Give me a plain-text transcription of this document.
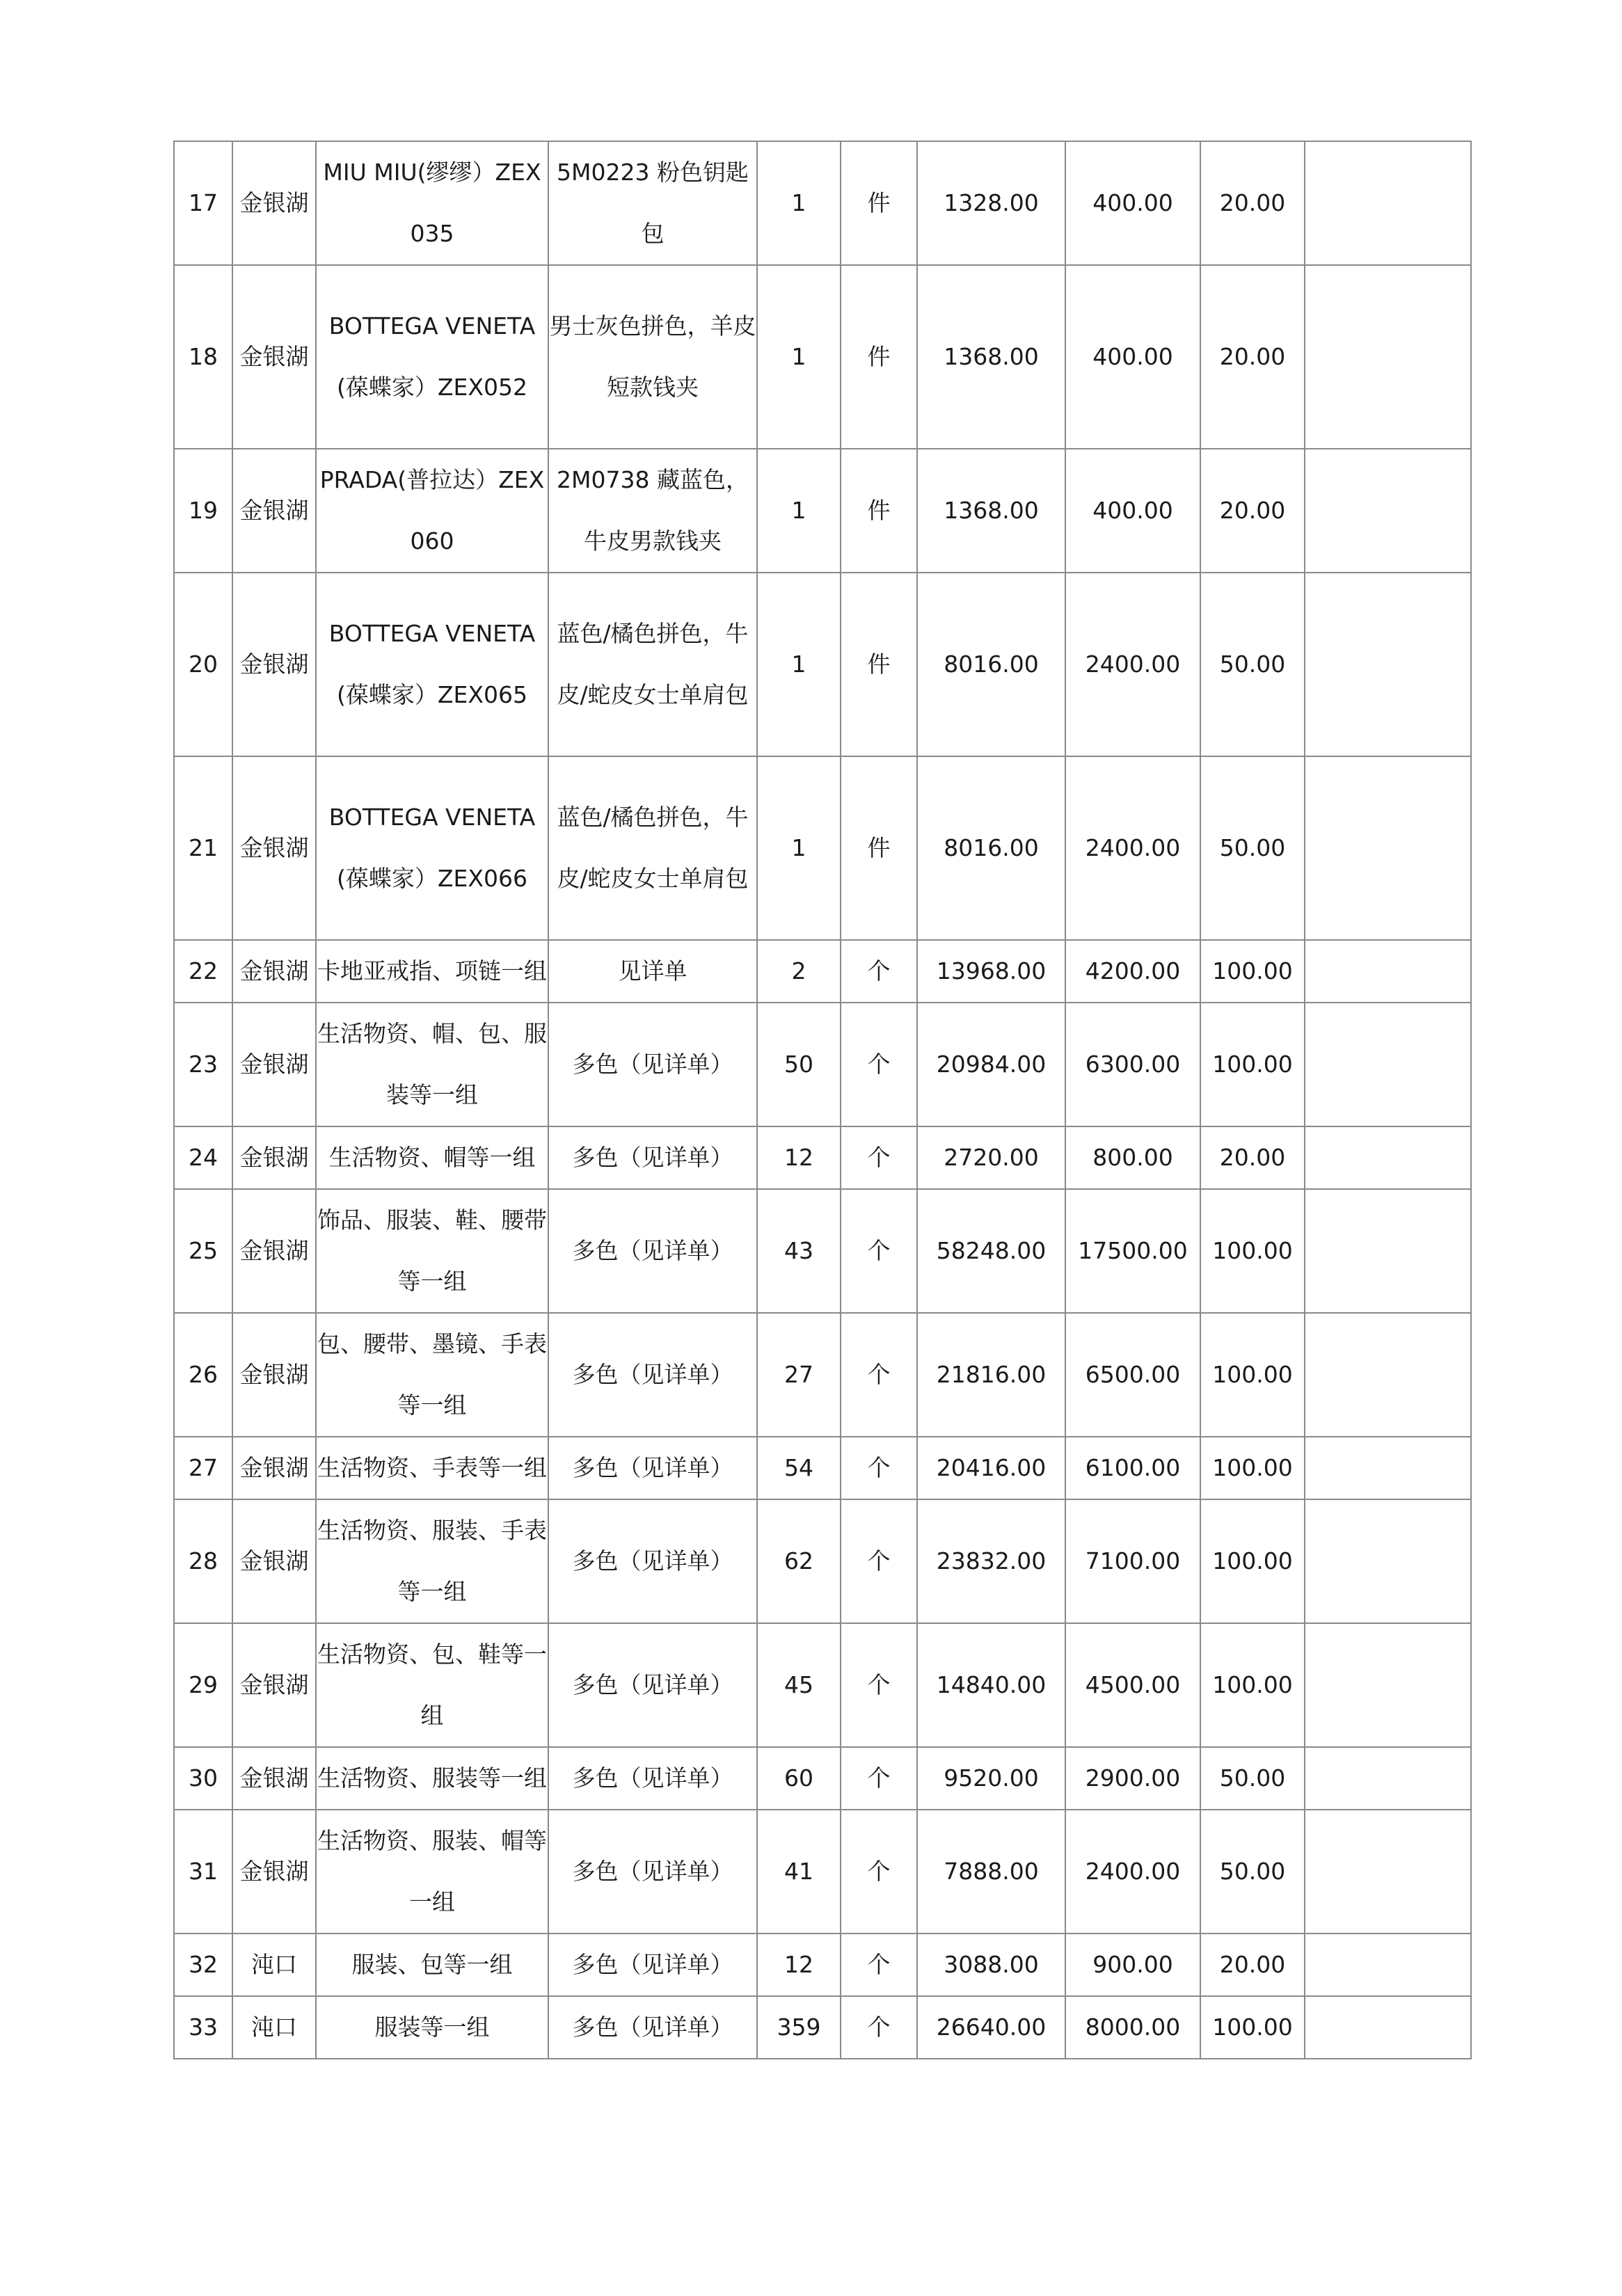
17	金银湖	MIU MIU(缪缪）ZEX035	5M0223 粉色钥匙包	1	件	1328.00	400.00	20.00	
18	金银湖	BOTTEGA VENETA(葆蝶家）ZEX052	男士灰色拼色，羊皮短款钱夹	1	件	1368.00	400.00	20.00	
19	金银湖	PRADA(普拉达）ZEX060	2M0738 藏蓝色，牛皮男款钱夹	1	件	1368.00	400.00	20.00	
20	金银湖	BOTTEGA VENETA(葆蝶家）ZEX065	蓝色/橘色拼色，牛皮/蛇皮女士单肩包	1	件	8016.00	2400.00	50.00	
21	金银湖	BOTTEGA VENETA(葆蝶家）ZEX066	蓝色/橘色拼色，牛皮/蛇皮女士单肩包	1	件	8016.00	2400.00	50.00	
22	金银湖	卡地亚戒指、项链一组	见详单	2	个	13968.00	4200.00	100.00	
23	金银湖	生活物资、帽、包、服装等一组	多色（见详单）	50	个	20984.00	6300.00	100.00	
24	金银湖	生活物资、帽等一组	多色（见详单）	12	个	2720.00	800.00	20.00	
25	金银湖	饰品、服装、鞋、腰带等一组	多色（见详单）	43	个	58248.00	17500.00	100.00	
26	金银湖	包、腰带、墨镜、手表等一组	多色（见详单）	27	个	21816.00	6500.00	100.00	
27	金银湖	生活物资、手表等一组	多色（见详单）	54	个	20416.00	6100.00	100.00	
28	金银湖	生活物资、服装、手表等一组	多色（见详单）	62	个	23832.00	7100.00	100.00	
29	金银湖	生活物资、包、鞋等一组	多色（见详单）	45	个	14840.00	4500.00	100.00	
30	金银湖	生活物资、服装等一组	多色（见详单）	60	个	9520.00	2900.00	50.00	
31	金银湖	生活物资、服装、帽等一组	多色（见详单）	41	个	7888.00	2400.00	50.00	
32	沌口	服装、包等一组	多色（见详单）	12	个	3088.00	900.00	20.00	
33	沌口	服装等一组	多色（见详单）	359	个	26640.00	8000.00	100.00	
